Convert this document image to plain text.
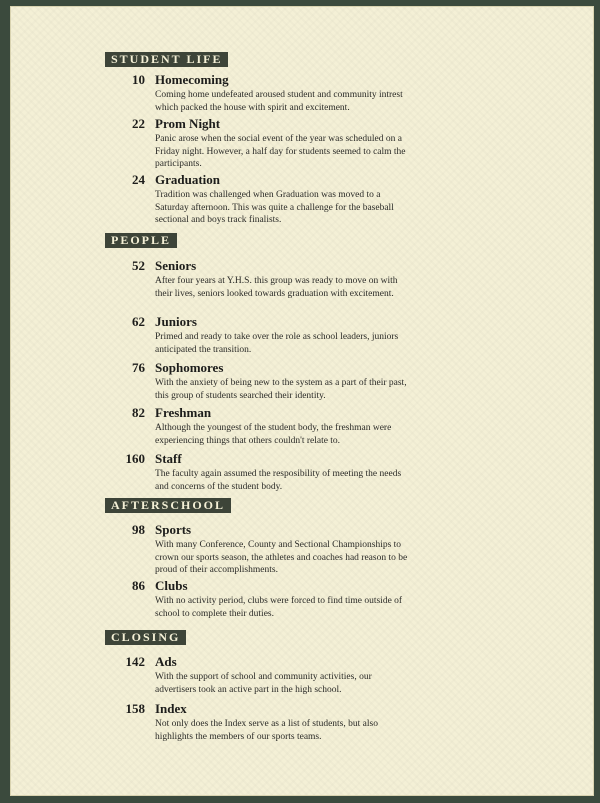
STUDENT LIFE
10 Homecoming
Coming home undefeated aroused student and community intrest which packed the house with spirit and excitement.
22 Prom Night
Panic arose when the social event of the year was scheduled on a Friday night. However, a half day for students seemed to calm the participants.
24 Graduation
Tradition was challenged when Graduation was moved to a Saturday afternoon. This was quite a challenge for the baseball sectional and boys track finalists.
PEOPLE
52 Seniors
After four years at Y.H.S. this group was ready to move on with their lives, seniors looked towards graduation with excitement.
62 Juniors
Primed and ready to take over the role as school leaders, juniors anticipated the transition.
76 Sophomores
With the anxiety of being new to the system as a part of their past, this group of students searched their identity.
82 Freshman
Although the youngest of the student body, the freshman were experiencing things that others couldn't relate to.
160 Staff
The faculty again assumed the resposibility of meeting the needs and concerns of the student body.
AFTERSCHOOL
98 Sports
With many Conference, County and Sectional Championships to crown our sports season, the athletes and coaches had reason to be proud of their accomplishments.
86 Clubs
With no activity period, clubs were forced to find time outside of school to complete their duties.
CLOSING
142 Ads
With the support of school and community activities, our advertisers took an active part in the high school.
158 Index
Not only does the Index serve as a list of students, but also highlights the members of our sports teams.
